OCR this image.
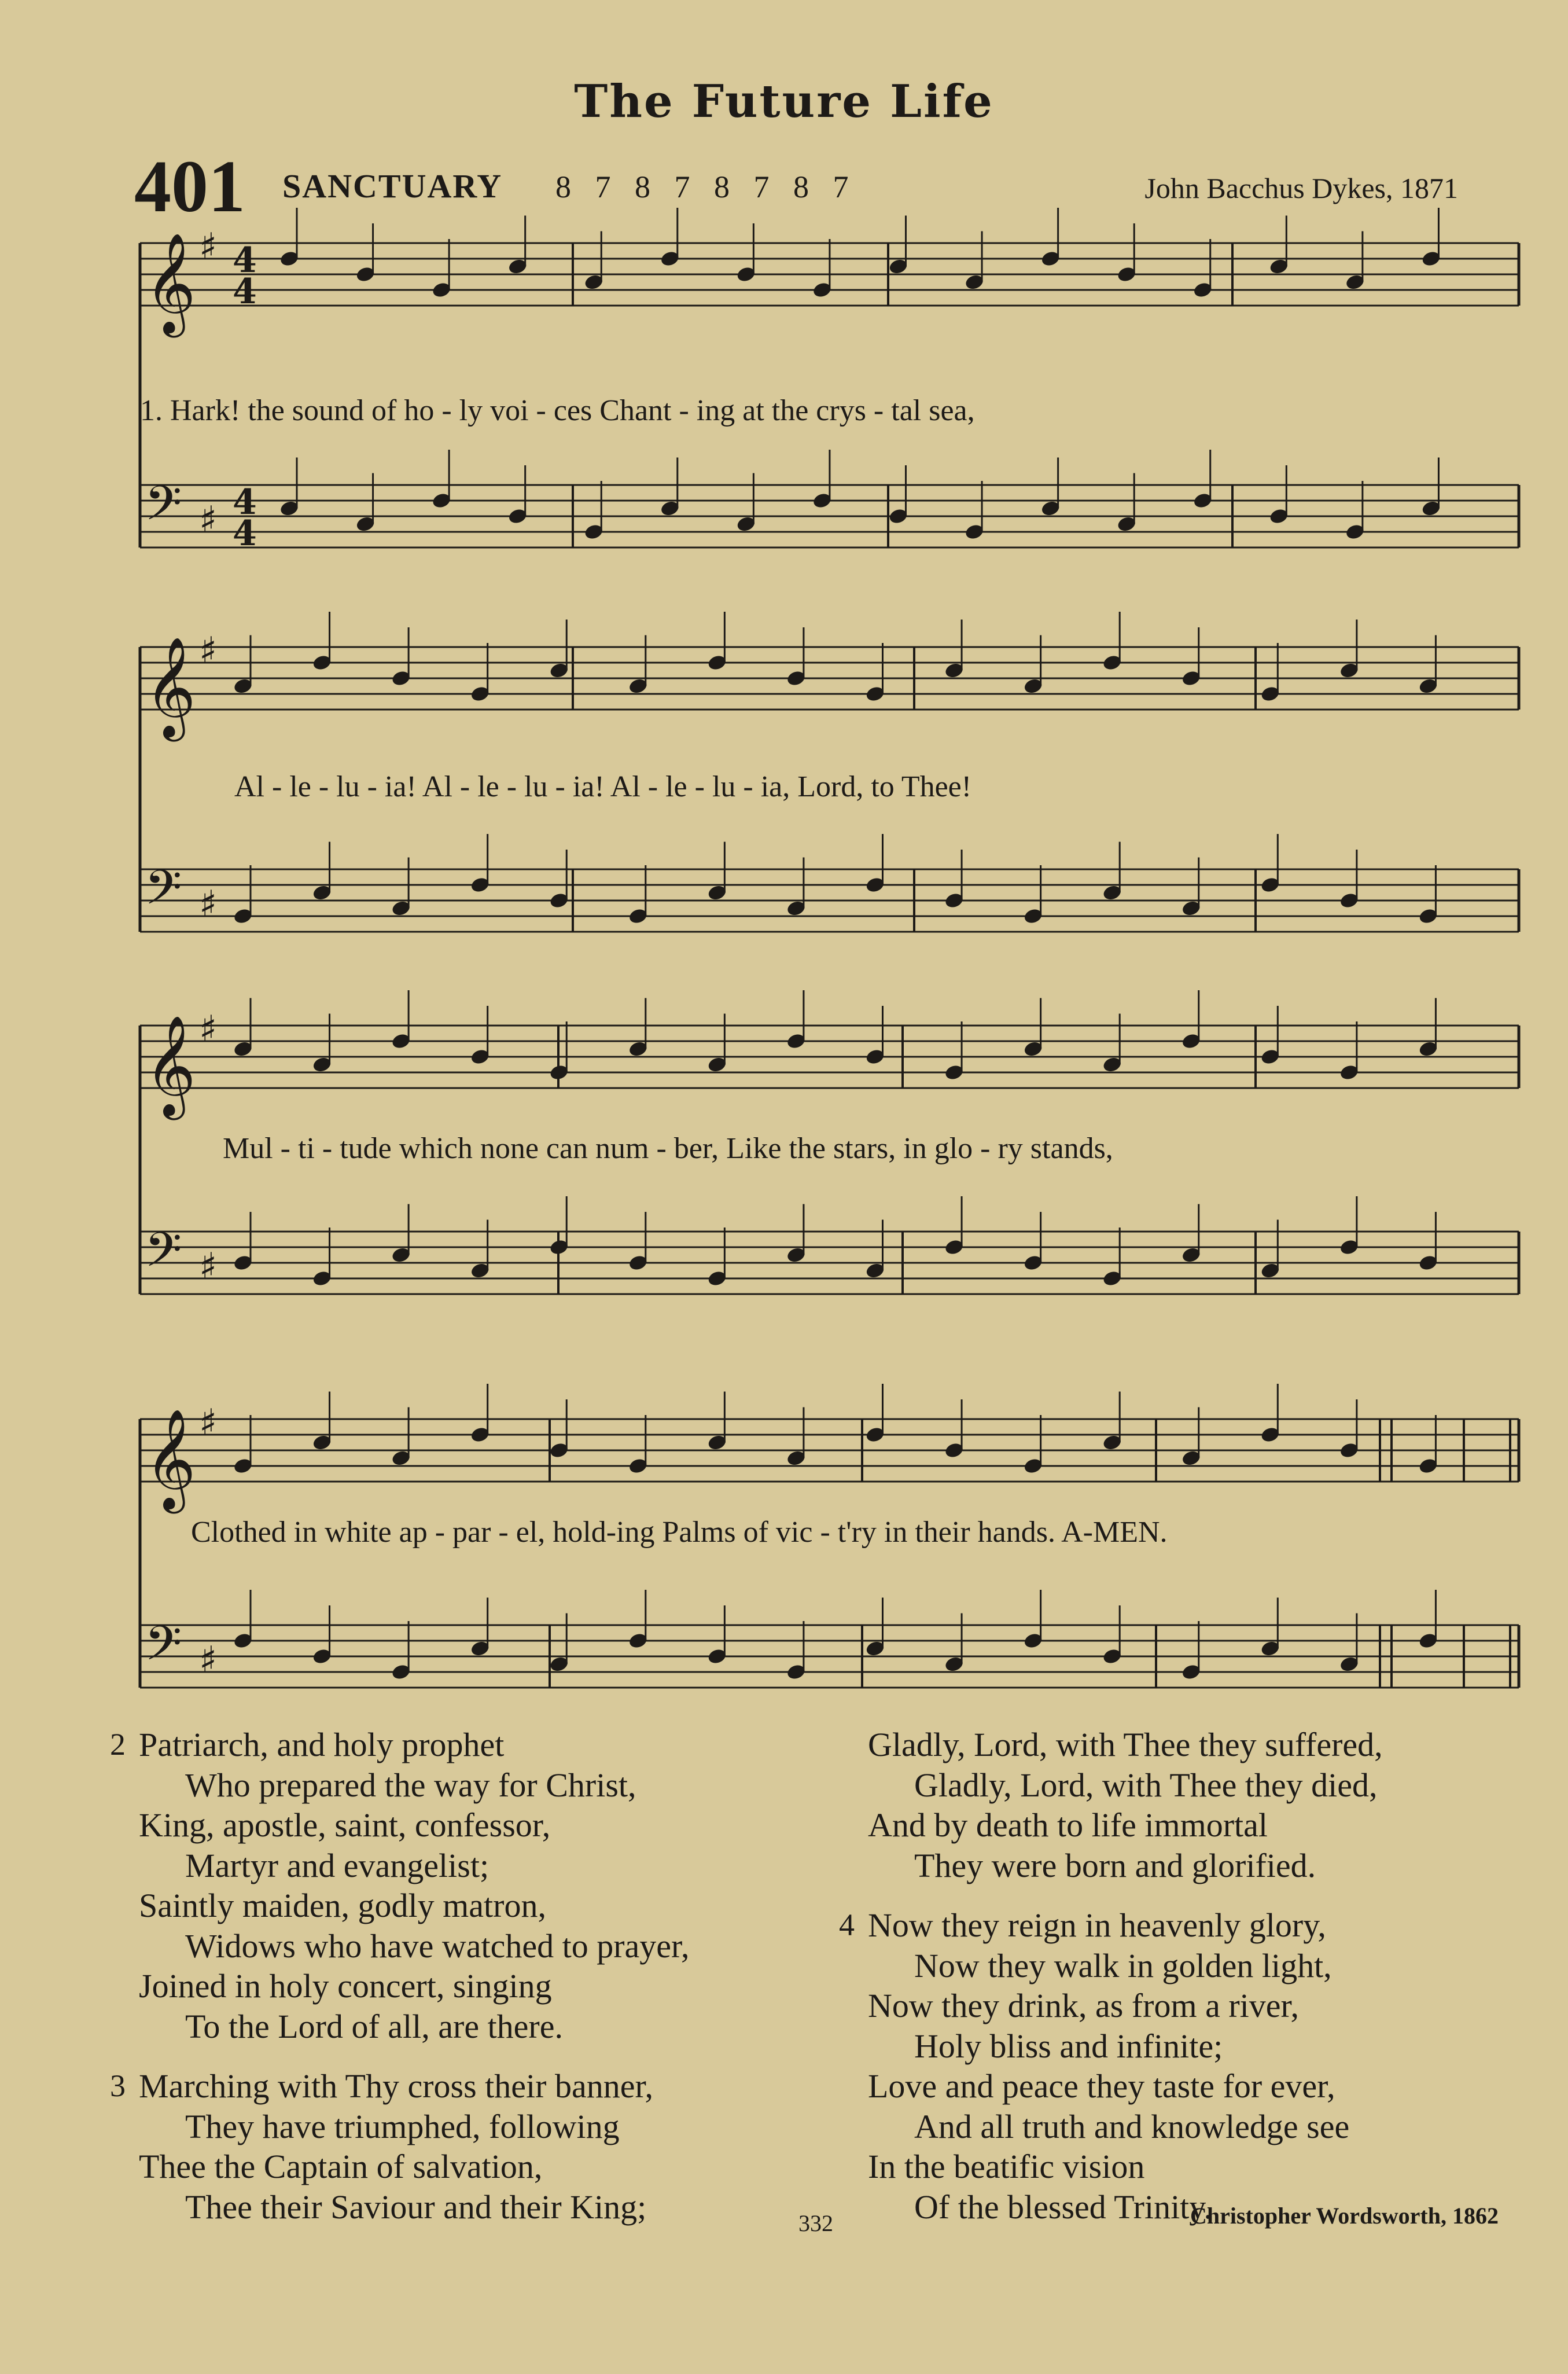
The Future Life
401 SANCTUARY 8 7 8 7 8 7 8 7	John Bacchus Dykes, 1871
𝄞 ♯ 4
4
𝄢 ♯ 4
4
𝄞 ♯
𝄢 ♯
𝄞 ♯
𝄢 ♯
𝄞 ♯
𝄢 ♯
1. Hark! the sound of ho - ly voi - ces Chant - ing at the crys - tal sea,
Al - le - lu - ia! Al - le - lu - ia! Al - le - lu - ia, Lord, to Thee!
Mul - ti - tude which none can num - ber, Like the stars, in glo - ry stands,
Clothed in white ap - par - el, hold-ing Palms of vic - t'ry in their hands. A-MEN.
2 Patriarch, and holy prophet
Who prepared the way for Christ,
King, apostle, saint, confessor,
Martyr and evangelist;
Saintly maiden, godly matron,
Widows who have watched to prayer,
Joined in holy concert, singing
To the Lord of all, are there.
3 Marching with Thy cross their banner,
They have triumphed, following
Thee the Captain of salvation,
Thee their Saviour and their King;
Gladly, Lord, with Thee they suffered,
Gladly, Lord, with Thee they died,
And by death to life immortal
They were born and glorified.
4 Now they reign in heavenly glory,
Now they walk in golden light,
Now they drink, as from a river,
Holy bliss and infinite;
Love and peace they taste for ever,
And all truth and knowledge see
In the beatific vision
Of the blessed Trinity.
332	Christopher Wordsworth, 1862
